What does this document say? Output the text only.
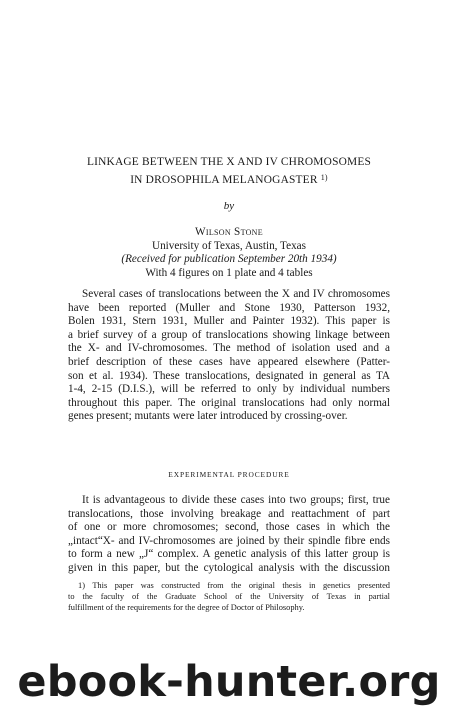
LINKAGE BETWEEN THE X AND IV CHROMOSOMES
IN DROSOPHILA MELANOGASTER $^{1)}$
by
Wilson Stone
University of Texas, Austin, Texas
(Received for publication September 20th 1934)
With 4 figures on 1 plate and 4 tables
Several cases of translocations between the X and IV chromosomes
have been reported (Muller and Stone 1930, Patterson 1932,
Bolen 1931, Stern 1931, Muller and Painter 1932). This paper is
a brief survey of a group of translocations showing linkage between
the X- and IV-chromosomes. The method of isolation used and a
brief description of these cases have appeared elsewhere (Patter-
son et al. 1934). These translocations, designated in general as TA
1-4, 2-15 (D.I.S.), will be referred to only by individual numbers
throughout this paper. The original translocations had only normal
genes present; mutants were later introduced by crossing-over.
EXPERIMENTAL PROCEDURE
It is advantageous to divide these cases into two groups; first, true
translocations, those involving breakage and reattachment of part
of one or more chromosomes; second, those cases in which the
„intact“X- and IV-chromosomes are joined by their spindle fibre ends
to form a new „J“ complex. A genetic analysis of this latter group is
given in this paper, but the cytological analysis with the discussion
1) This paper was constructed from the original thesis in genetics presented
to the faculty of the Graduate School of the University of Texas in partial
fulfillment of the requirements for the degree of Doctor of Philosophy.
ebook-hunter.org
